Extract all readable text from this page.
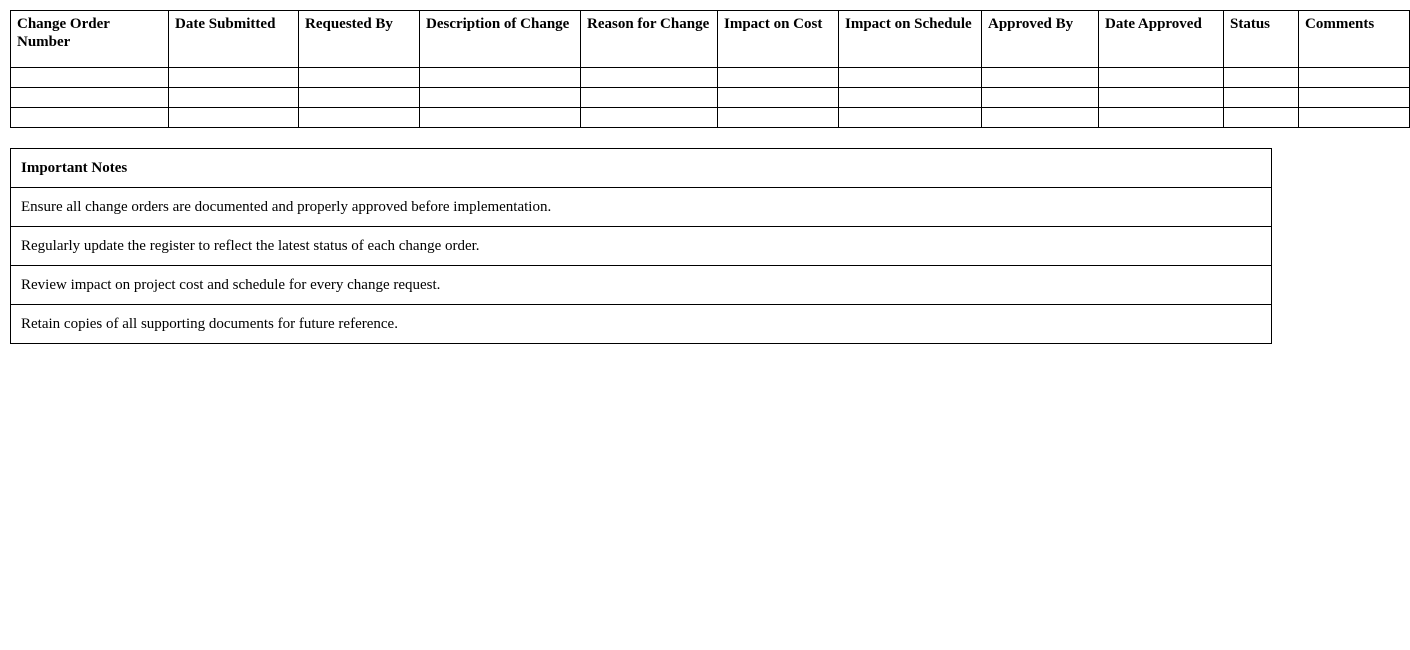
Change Order Number	Date Submitted	Requested By	Description of Change	Reason for Change	Impact on Cost	Impact on Schedule	Approved By	Date Approved	Status	Comments

Important Notes
Ensure all change orders are documented and properly approved before implementation.
Regularly update the register to reflect the latest status of each change order.
Review impact on project cost and schedule for every change request.
Retain copies of all supporting documents for future reference.
